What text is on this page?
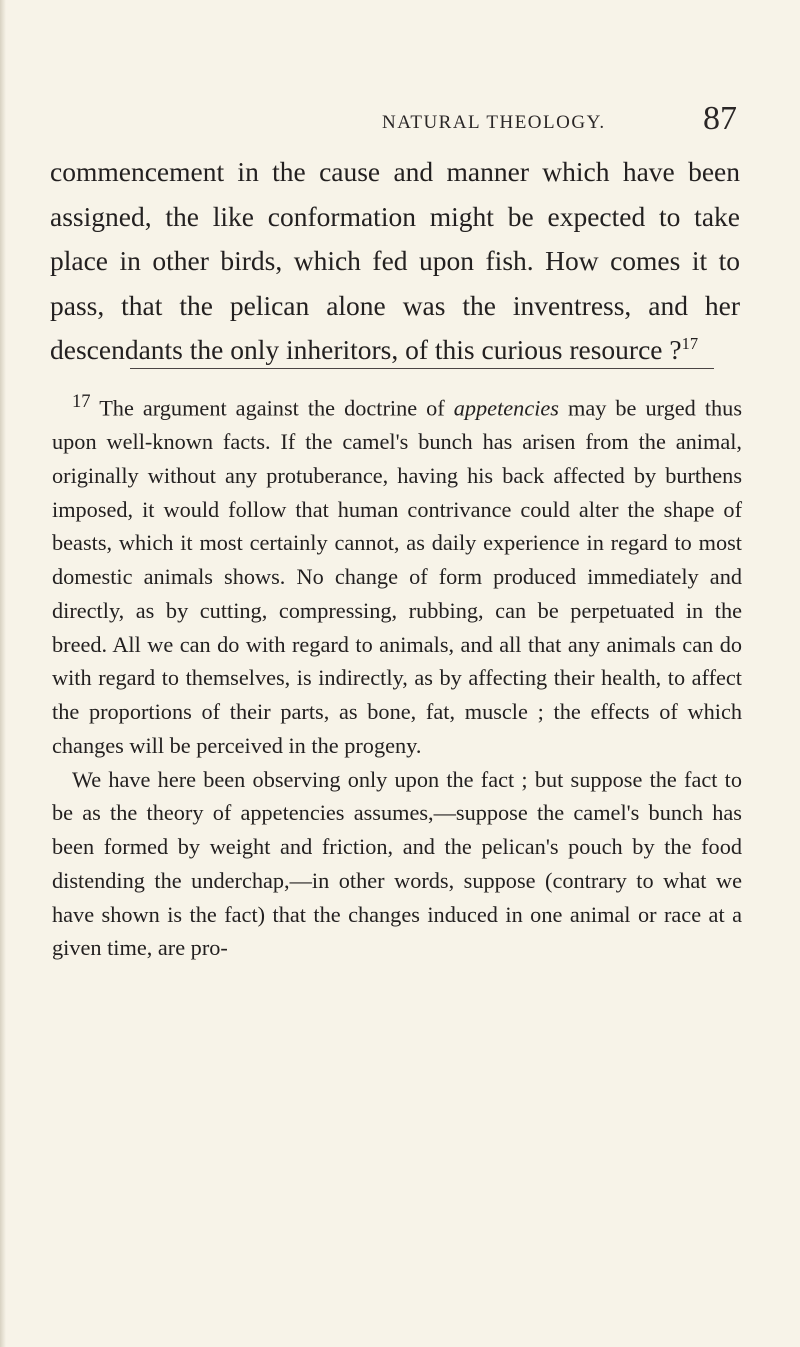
NATURAL THEOLOGY.	87

commencement in the cause and manner which have been assigned, the like conformation might be expected to take place in other birds, which fed upon fish. How comes it to pass, that the pelican alone was the inventress, and her descendants the only inheritors, of this curious resource ?$^{17}$

$^{17}$ The argument against the doctrine of appetencies may be urged thus upon well-known facts. If the camel's bunch has arisen from the animal, originally without any protuberance, having his back affected by burthens imposed, it would follow that human contrivance could alter the shape of beasts, which it most certainly cannot, as daily experience in regard to most domestic animals shows. No change of form produced immediately and directly, as by cutting, compressing, rubbing, can be perpetuated in the breed. All we can do with regard to animals, and all that any animals can do with regard to themselves, is indirectly, as by affecting their health, to affect the proportions of their parts, as bone, fat, muscle ; the effects of which changes will be perceived in the progeny.

We have here been observing only upon the fact ; but suppose the fact to be as the theory of appetencies assumes,—suppose the camel's bunch has been formed by weight and friction, and the pelican's pouch by the food distending the underchap,—in other words, suppose (contrary to what we have shown is the fact) that the changes induced in one animal or race at a given time, are pro-
